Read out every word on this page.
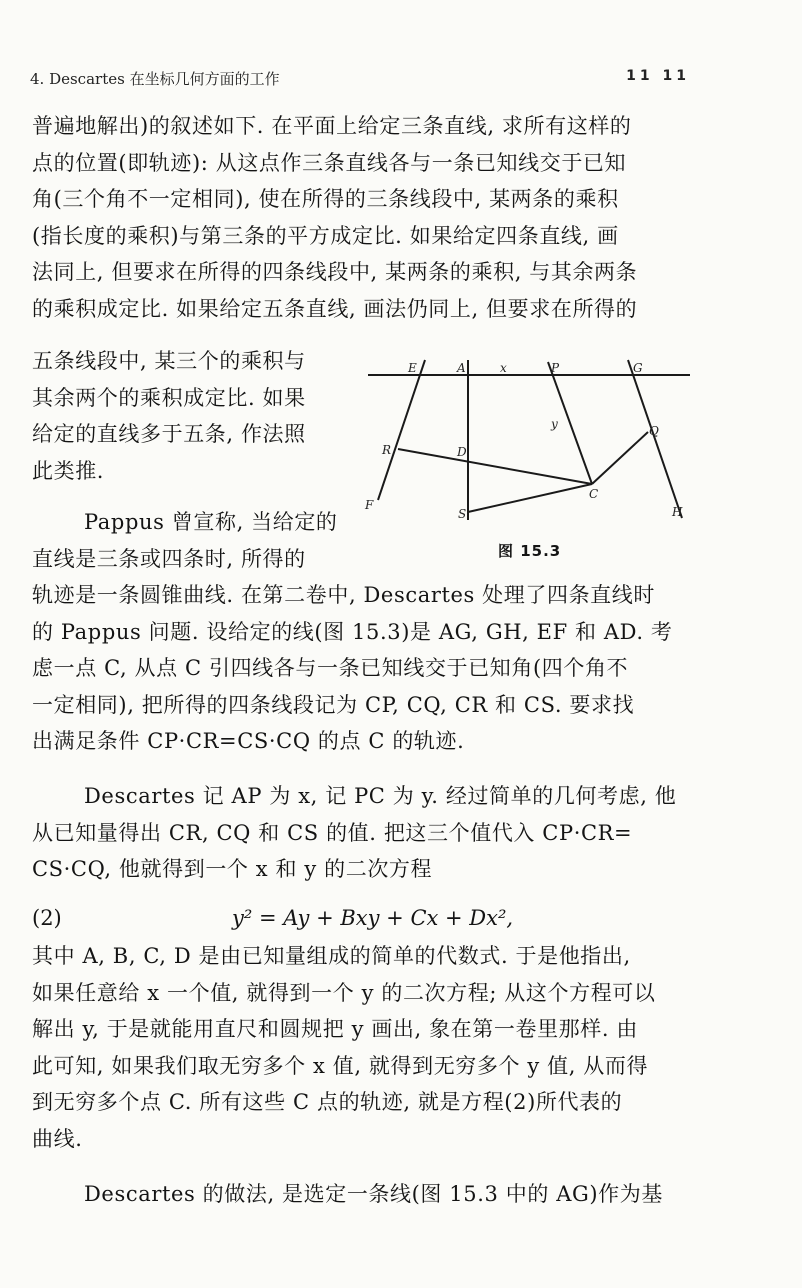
4. Descartes 在坐标几何方面的工作	11 11
普遍地解出)的叙述如下. 在平面上给定三条直线, 求所有这样的
点的位置(即轨迹): 从这点作三条直线各与一条已知线交于已知
角(三个角不一定相同), 使在所得的三条线段中, 某两条的乘积
(指长度的乘积)与第三条的平方成定比. 如果给定四条直线, 画
法同上, 但要求在所得的四条线段中, 某两条的乘积, 与其余两条
的乘积成定比. 如果给定五条直线, 画法仍同上, 但要求在所得的
五条线段中, 某三个的乘积与
其余两个的乘积成定比. 如果
给定的直线多于五条, 作法照
此类推.
Pappus 曾宣称, 当给定的
直线是三条或四条时, 所得的
E	A	x	P	G
y	Q
R	D
C
F
S	H
图 15.3
轨迹是一条圆锥曲线. 在第二卷中, Descartes 处理了四条直线时
的 Pappus 问题. 设给定的线(图 15.3)是 AG, GH, EF 和 AD. 考
虑一点 C, 从点 C 引四线各与一条已知线交于已知角(四个角不
一定相同), 把所得的四条线段记为 CP, CQ, CR 和 CS. 要求找
出满足条件 CP·CR=CS·CQ 的点 C 的轨迹.
Descartes 记 AP 为 x, 记 PC 为 y. 经过简单的几何考虑, 他
从已知量得出 CR, CQ 和 CS 的值. 把这三个值代入 CP·CR=
CS·CQ, 他就得到一个 x 和 y 的二次方程
(2)	y² = Ay + Bxy + Cx + Dx²,
其中 A, B, C, D 是由已知量组成的简单的代数式. 于是他指出,
如果任意给 x 一个值, 就得到一个 y 的二次方程; 从这个方程可以
解出 y, 于是就能用直尺和圆规把 y 画出, 象在第一卷里那样. 由
此可知, 如果我们取无穷多个 x 值, 就得到无穷多个 y 值, 从而得
到无穷多个点 C. 所有这些 C 点的轨迹, 就是方程(2)所代表的
曲线.
Descartes 的做法, 是选定一条线(图 15.3 中的 AG)作为基
